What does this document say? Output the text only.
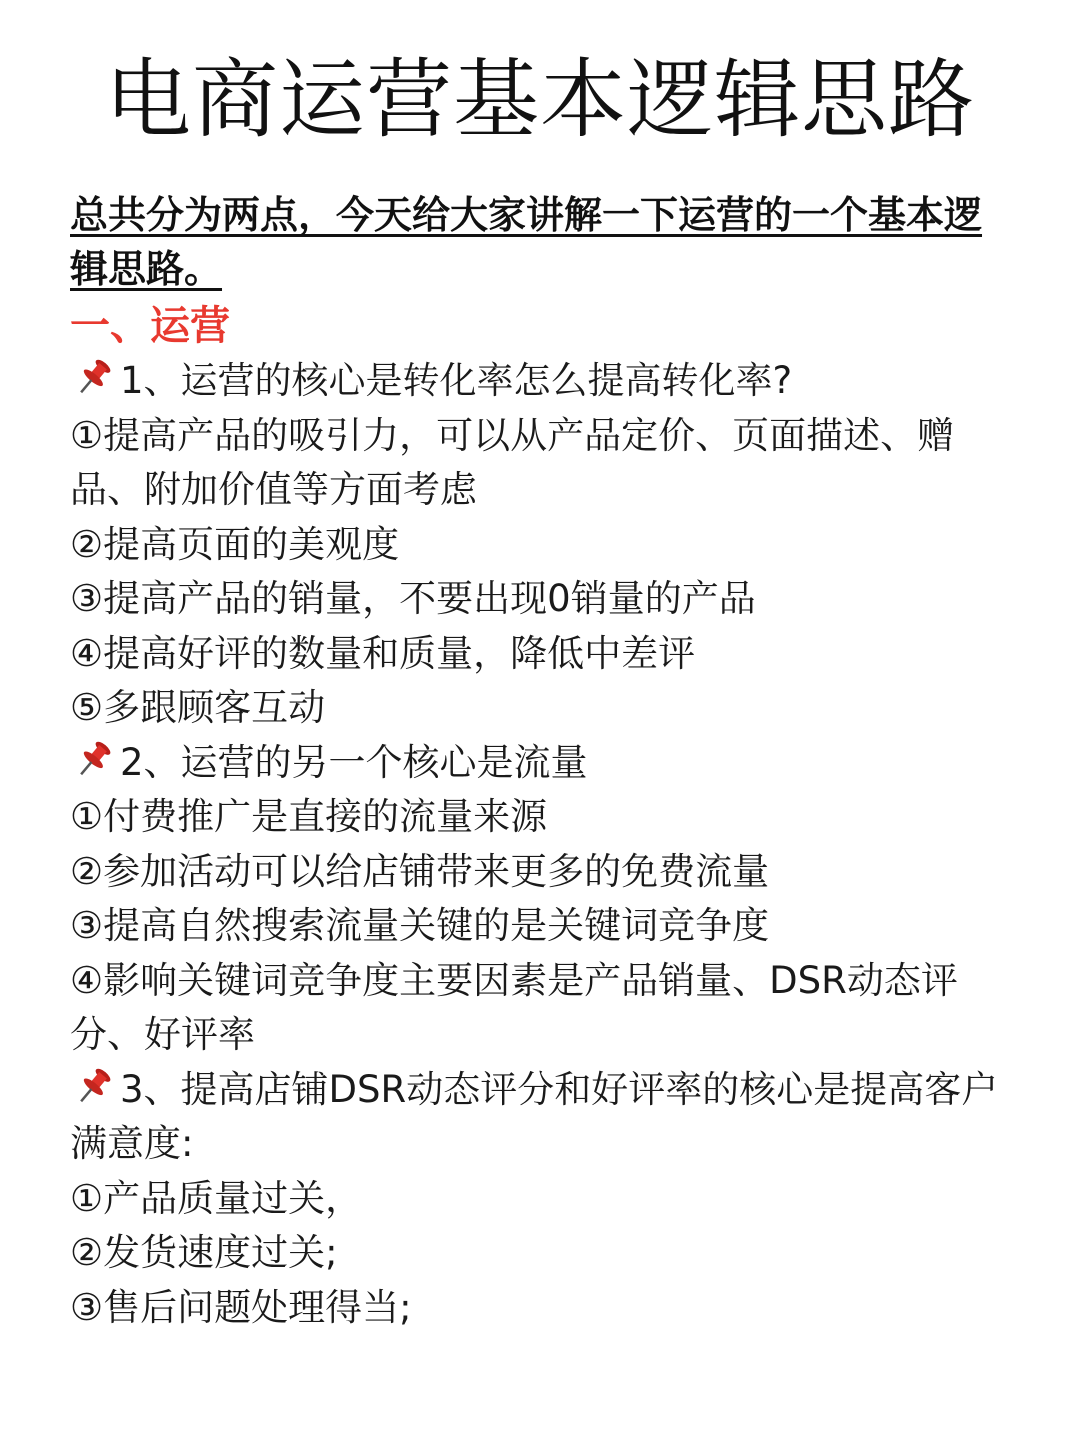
电商运营基本逻辑思路
总共分为两点，今天给大家讲解一下运营的一个基本逻辑思路。
一、运营
1、运营的核心是转化率怎么提高转化率?
①提高产品的吸引力，可以从产品定价、页面描述、赠品、附加价值等方面考虑
②提高页面的美观度
③提高产品的销量，不要出现0销量的产品
④提高好评的数量和质量，降低中差评
⑤多跟顾客互动
2、运营的另一个核心是流量
①付费推广是直接的流量来源
②参加活动可以给店铺带来更多的免费流量
③提高自然搜索流量关键的是关键词竞争度
④影响关键词竞争度主要因素是产品销量、DSR动态评分、好评率
3、提高店铺DSR动态评分和好评率的核心是提高客户满意度:
①产品质量过关，
②发货速度过关;
③售后问题处理得当;
